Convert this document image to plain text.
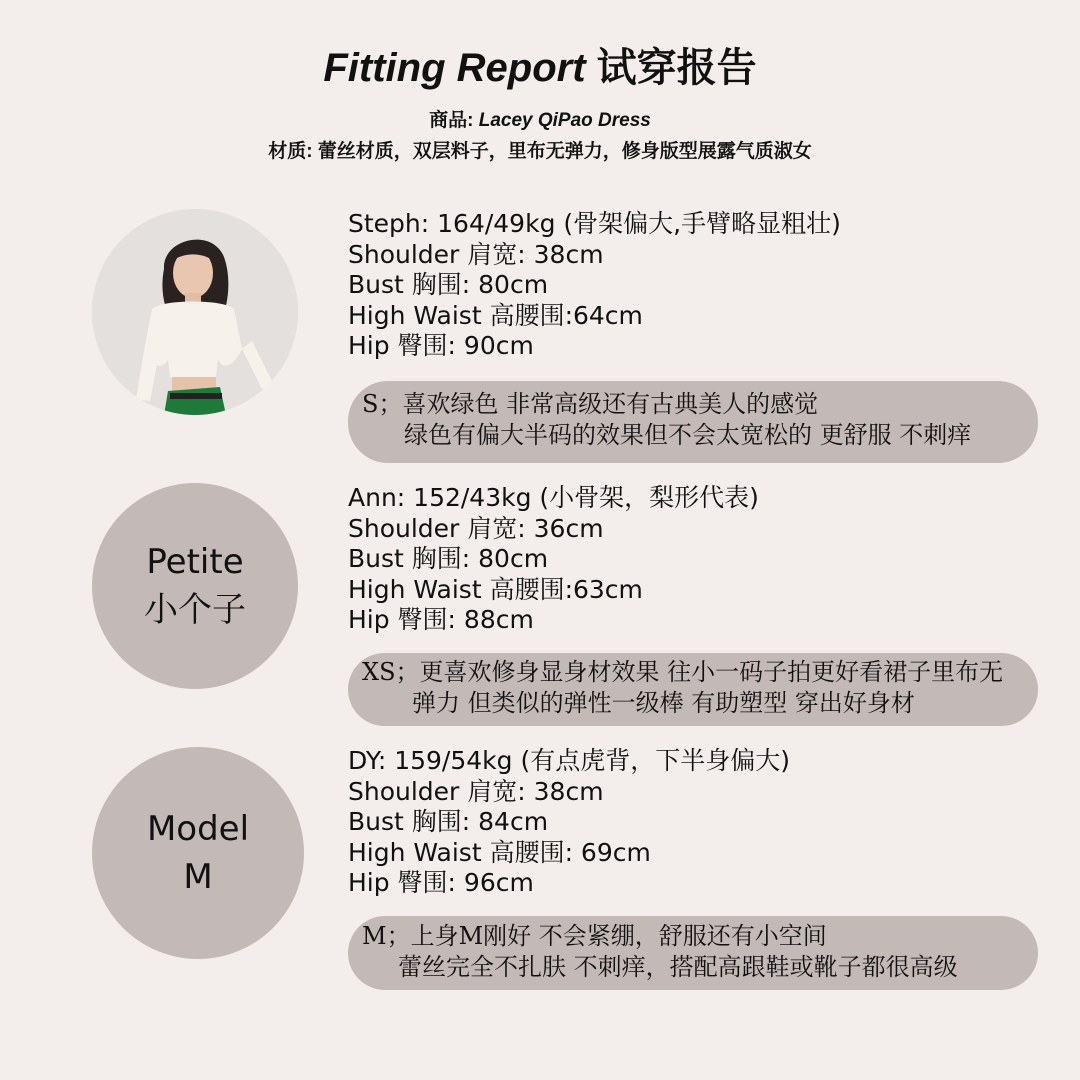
Fitting Report 试穿报告
商品: Lacey QiPao Dress
材质: 蕾丝材质，双层料子，里布无弹力，修身版型展露气质淑女
Steph: 164/49kg (骨架偏大,手臂略显粗壮)
Shoulder 肩宽: 38cm
Bust 胸围: 80cm
High Waist 高腰围:64cm
Hip 臀围: 90cm
S；喜欢绿色 非常高级还有古典美人的感觉
绿色有偏大半码的效果但不会太宽松的 更舒服 不刺痒
Petite
小个子
Ann: 152/43kg (小骨架，梨形代表)
Shoulder 肩宽: 36cm
Bust 胸围: 80cm
High Waist 高腰围:63cm
Hip 臀围: 88cm
XS；更喜欢修身显身材效果 往小一码子拍更好看裙子里布无
弹力 但类似的弹性一级棒 有助塑型 穿出好身材
Model
M
DY: 159/54kg (有点虎背，下半身偏大)
Shoulder 肩宽: 38cm
Bust 胸围: 84cm
High Waist 高腰围: 69cm
Hip 臀围: 96cm
M；上身M刚好 不会紧绷，舒服还有小空间
蕾丝完全不扎肤 不刺痒，搭配高跟鞋或靴子都很高级
